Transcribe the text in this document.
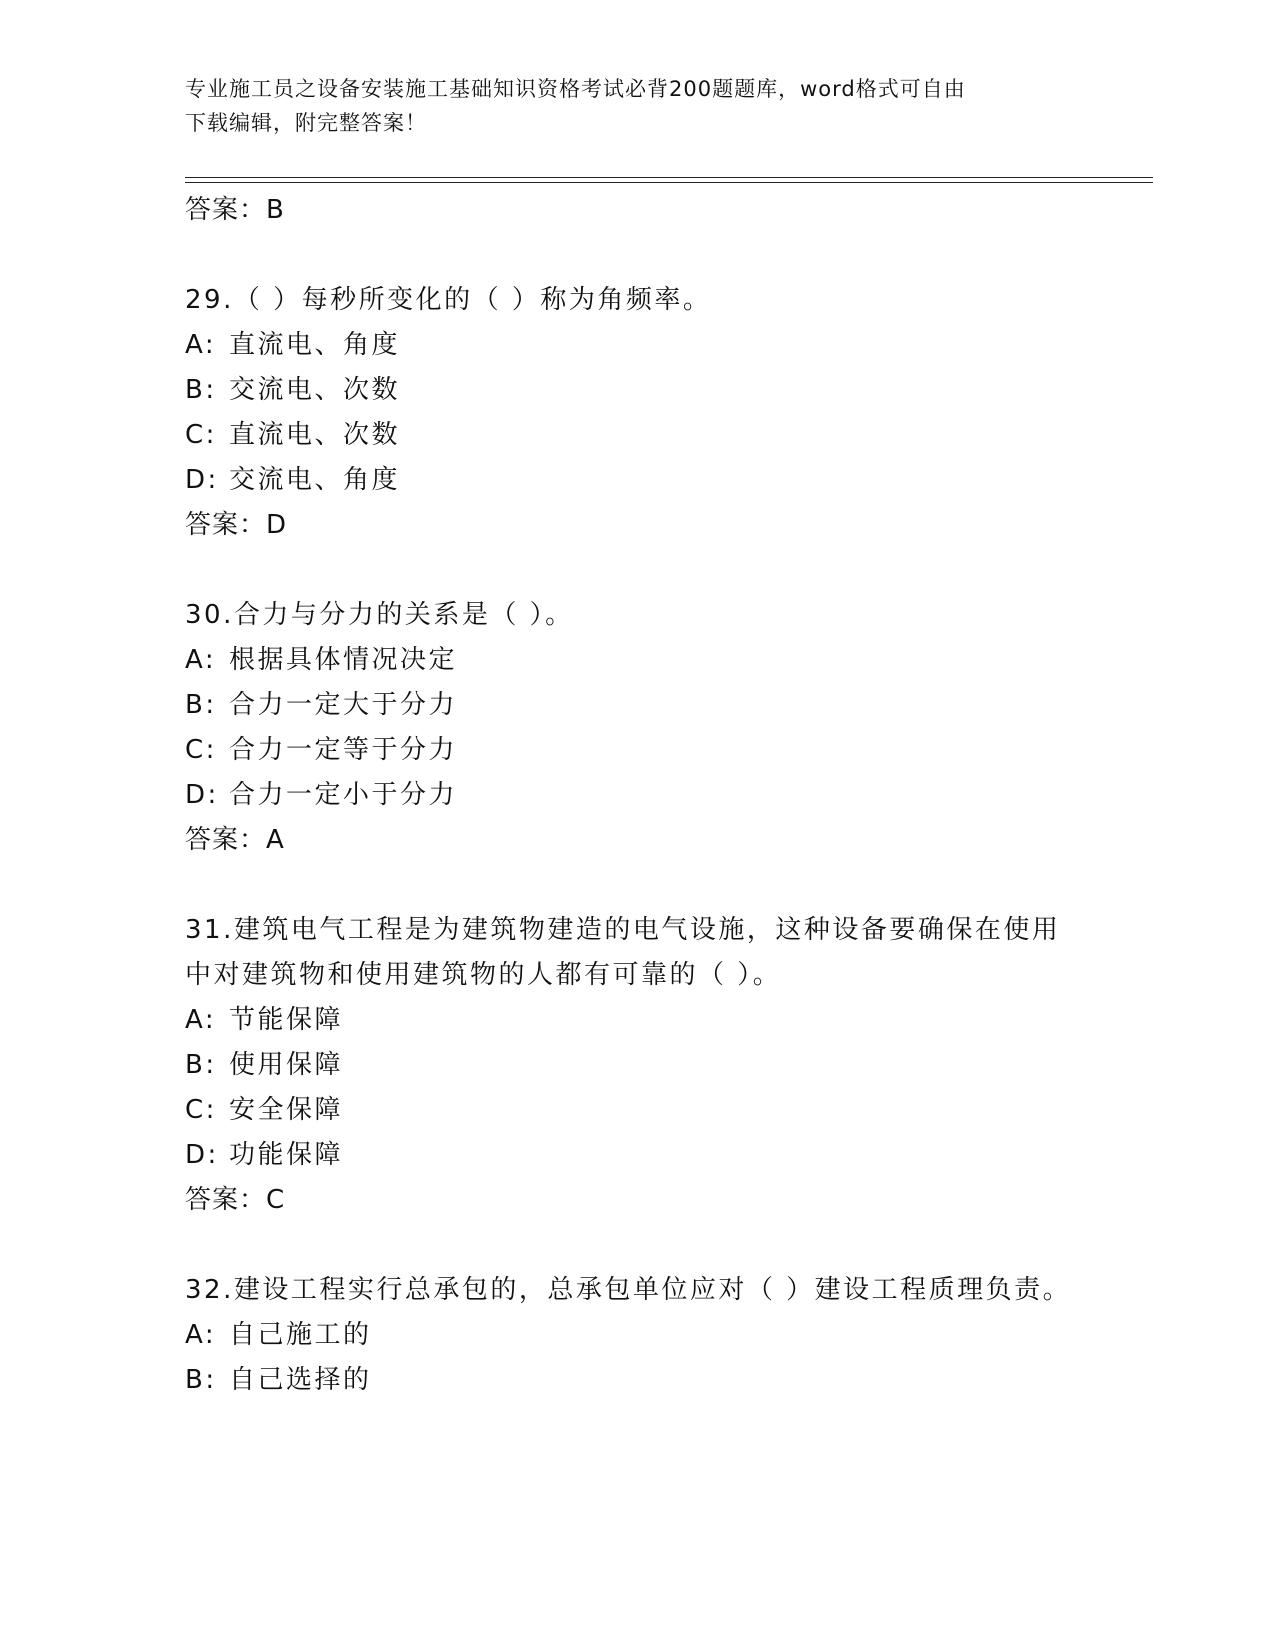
专业施工员之设备安装施工基础知识资格考试必背200题题库，word格式可自由
下载编辑，附完整答案！
答案：B
29.（ ）每秒所变化的（ ）称为角频率。
A: 直流电、角度
B: 交流电、次数
C: 直流电、次数
D: 交流电、角度
答案：D
30.合力与分力的关系是（ ）。
A: 根据具体情况决定
B: 合力一定大于分力
C: 合力一定等于分力
D: 合力一定小于分力
答案：A
31.建筑电气工程是为建筑物建造的电气设施，这种设备要确保在使用中对建筑物和使用建筑物的人都有可靠的（ ）。
A: 节能保障
B: 使用保障
C: 安全保障
D: 功能保障
答案：C
32.建设工程实行总承包的，总承包单位应对（ ）建设工程质理负责。
A: 自己施工的
B: 自己选择的
